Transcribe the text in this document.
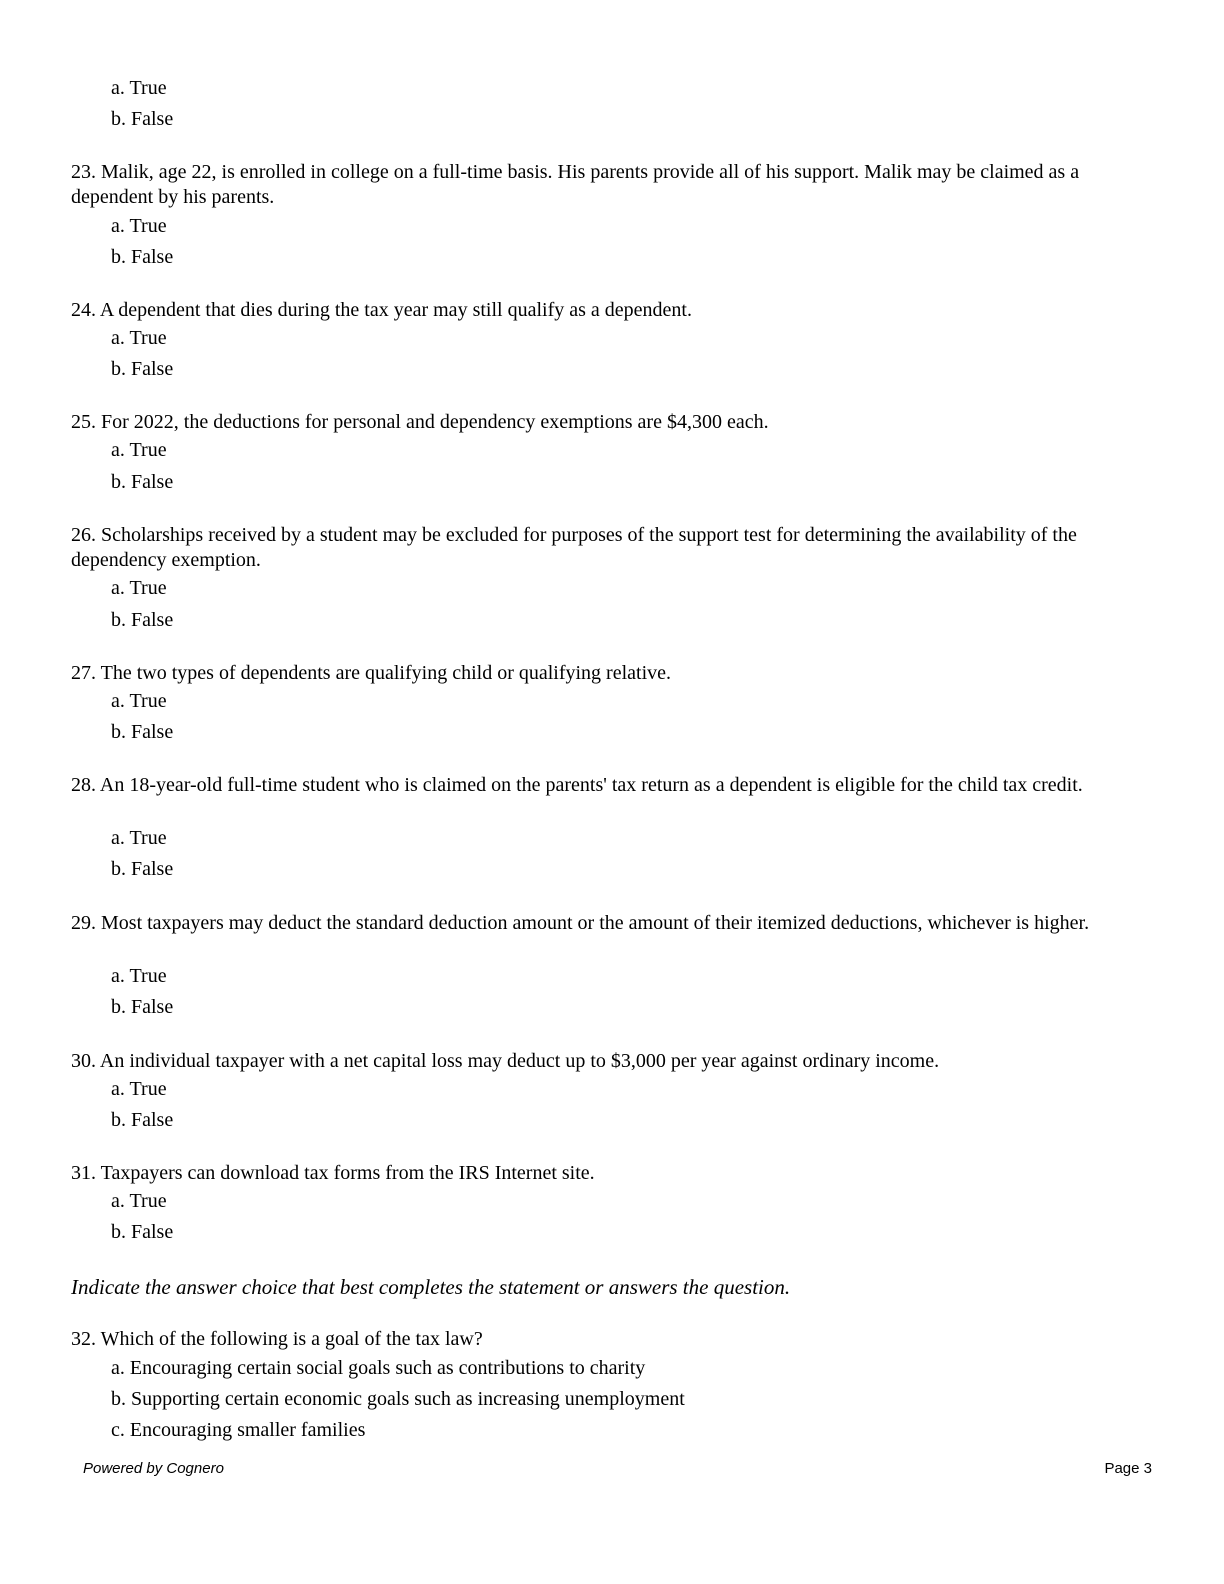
a. True
b. False
23. Malik, age 22, is enrolled in college on a full-time basis. His parents provide all of his support. Malik may be claimed as a dependent by his parents.
a. True
b. False
24. A dependent that dies during the tax year may still qualify as a dependent.
a. True
b. False
25. For 2022, the deductions for personal and dependency exemptions are $4,300 each.
a. True
b. False
26. Scholarships received by a student may be excluded for purposes of the support test for determining the availability of the dependency exemption.
a. True
b. False
27. The two types of dependents are qualifying child or qualifying relative.
a. True
b. False
28. An 18-year-old full-time student who is claimed on the parents' tax return as a dependent is eligible for the child tax credit.
a. True
b. False
29. Most taxpayers may deduct the standard deduction amount or the amount of their itemized deductions, whichever is higher.
a. True
b. False
30. An individual taxpayer with a net capital loss may deduct up to $3,000 per year against ordinary income.
a. True
b. False
31. Taxpayers can download tax forms from the IRS Internet site.
a. True
b. False
Indicate the answer choice that best completes the statement or answers the question.
32. Which of the following is a goal of the tax law?
a. Encouraging certain social goals such as contributions to charity
b. Supporting certain economic goals such as increasing unemployment
c. Encouraging smaller families
Powered by Cognero	Page 3
